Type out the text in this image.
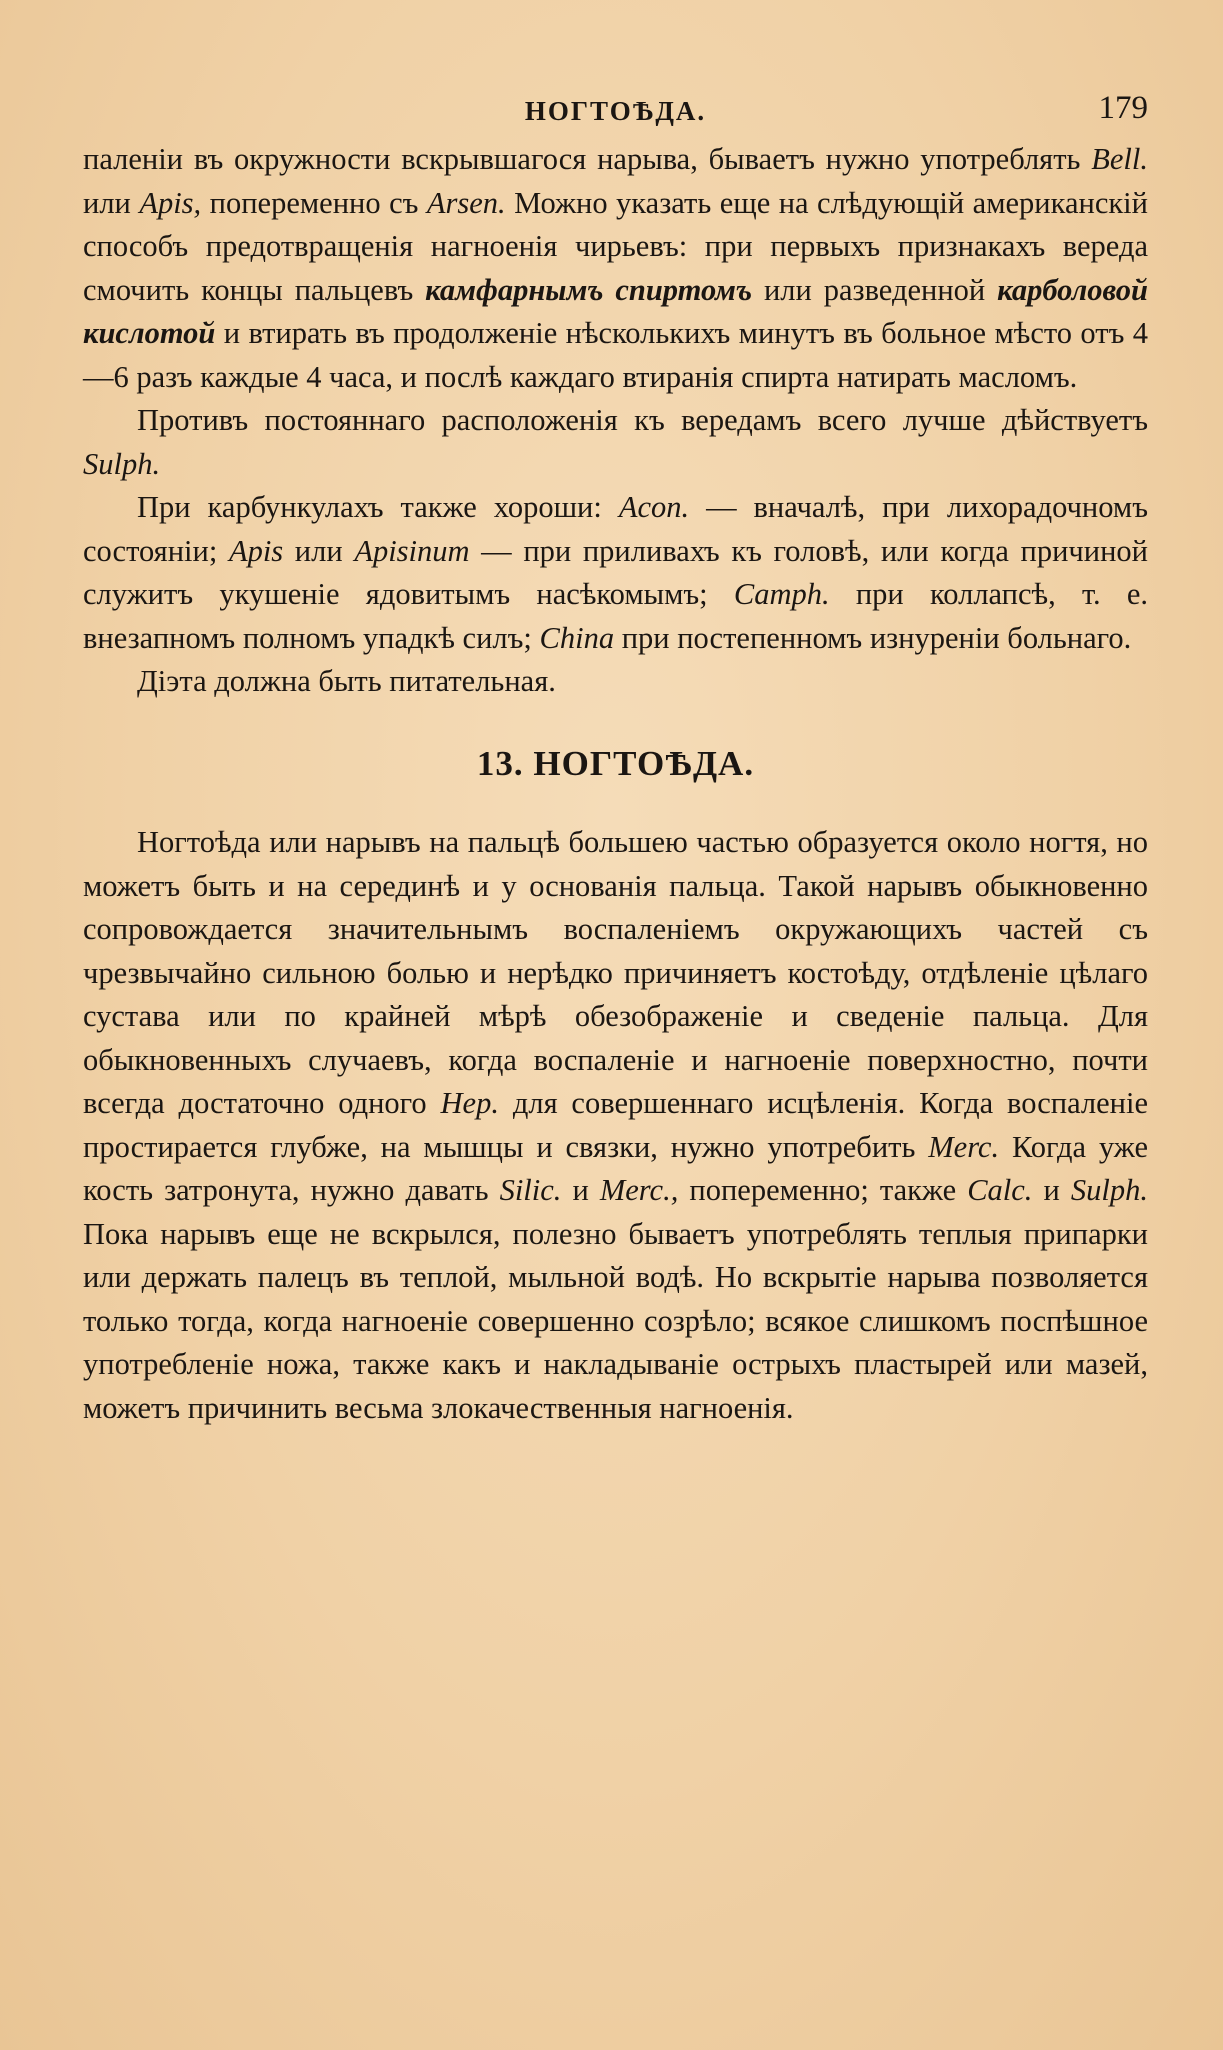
НОГТОѢДА.	179

паленіи въ окружности вскрывшагося нарыва, бываетъ нужно употреблять Bell. или Apis, попеременно съ Arsen. Можно указать еще на слѣдующій американскій способъ предотвращенія нагноенія чирьевъ: при первыхъ признакахъ вереда смочить концы пальцевъ камфарнымъ спиртомъ или разведенной карболовой кислотой и втирать въ продолженіе нѣсколькихъ минутъ въ больное мѣсто отъ 4—6 разъ каждые 4 часа, и послѣ каждаго втиранія спирта натирать масломъ.

Противъ постояннаго расположенія къ вередамъ всего лучше дѣйствуетъ Sulph.

При карбункулахъ также хороши: Acon. — вначалѣ, при лихорадочномъ состояніи; Apis или Apisinum — при приливахъ къ головѣ, или когда причиной служитъ укушеніе ядовитымъ насѣкомымъ; Camph. при коллапсѣ, т. е. внезапномъ полномъ упадкѣ силъ; China при постепенномъ изнуреніи больнаго.

Діэта должна быть питательная.

13. НОГТОѢДА.

Ногтоѣда или нарывъ на пальцѣ большею частью образуется около ногтя, но можетъ быть и на серединѣ и у основанія пальца. Такой нарывъ обыкновенно сопровождается значительнымъ воспаленіемъ окружающихъ частей съ чрезвычайно сильною болью и нерѣдко причиняетъ костоѣду, отдѣленіе цѣлаго сустава или по крайней мѣрѣ обезображеніе и сведеніе пальца. Для обыкновенныхъ случаевъ, когда воспаленіе и нагноеніе поверхностно, почти всегда достаточно одного Hep. для совершеннаго исцѣленія. Когда воспаленіе простирается глубже, на мышцы и связки, нужно употребить Merc. Когда уже кость затронута, нужно давать Silic. и Merc., попеременно; также Calc. и Sulph. Пока нарывъ еще не вскрылся, полезно бываетъ употреблять теплыя припарки или держать палецъ въ теплой, мыльной водѣ. Но вскрытіе нарыва позволяется только тогда, когда нагноеніе совершенно созрѣло; всякое слишкомъ поспѣшное употребленіе ножа, также какъ и накладываніе острыхъ пластырей или мазей, можетъ причинить весьма злокачественныя нагноенія.
